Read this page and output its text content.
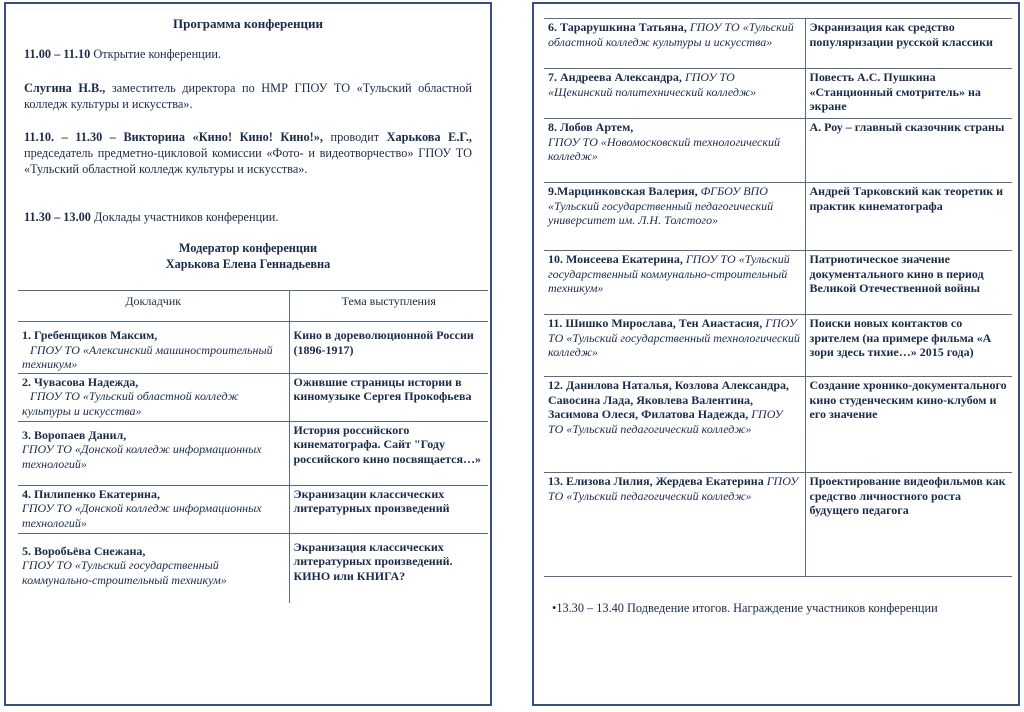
Программа конференции
11.00 – 11.10 Открытие конференции.
Слугина Н.В., заместитель директора по НМР ГПОУ ТО «Тульский областной колледж культуры и искусства».
11.10. – 11.30 – Викторина «Кино! Кино! Кино!», проводит Харькова Е.Г., председатель предметно-цикловой комиссии «Фото- и видеотворчество» ГПОУ ТО «Тульский областной колледж культуры и искусства».
11.30 – 13.00 Доклады участников конференции.
Модератор конференции
Харькова Елена Геннадьевна
Докладчик	Тема выступления
1. Гребенщиков Максим,
ГПОУ ТО «Алексинский машиностроительный техникум»	Кино в дореволюционной России (1896-1917)
2. Чувасова Надежда,
ГПОУ ТО «Тульский областной колледж культуры и искусства»	Ожившие страницы истории в киномузыке Сергея Прокофьева
3. Воропаев Данил,
ГПОУ ТО «Донской колледж информационных технологий»	История российского кинематографа. Сайт "Году российского кино посвящается…»
4. Пилипенко Екатерина,
ГПОУ ТО «Донской колледж информационных технологий»	Экранизации классических литературных произведений
5. Воробьёва Снежана,
ГПОУ ТО «Тульский государственный коммунально-строительный техникум»	Экранизация классических литературных произведений. КИНО или КНИГА?
6. Тарарушкина Татьяна, ГПОУ ТО «Тульский областной колледж культуры и искусства»	Экранизация как средство популяризации русской классики
7. Андреева Александра, ГПОУ ТО «Щекинский политехнический колледж»	Повесть А.С. Пушкина «Станционный смотритель» на экране
8. Лобов Артем,
ГПОУ ТО «Новомосковский технологический колледж»	А. Роу – главный сказочник страны
9.Марцинковская Валерия, ФГБОУ ВПО «Тульский государственный педагогический университет им. Л.Н. Толстого»	Андрей Тарковский как теоретик и практик кинематографа
10. Моисеева Екатерина, ГПОУ ТО «Тульский государственный коммунально-строительный техникум»	Патриотическое значение документального кино в период Великой Отечественной войны
11. Шишко Мирослава, Тен Анастасия, ГПОУ ТО «Тульский государственный технологический колледж»	Поиски новых контактов со зрителем (на примере фильма «А зори здесь тихие…» 2015 года)
12. Данилова Наталья, Козлова Александра, Савосина Лада, Яковлева Валентина, Засимова Олеся, Филатова Надежда, ГПОУ ТО «Тульский педагогический колледж»	Создание хронико-документального кино студенческим кино-клубом и его значение
13. Елизова Лилия, Жердева Екатерина ГПОУ ТО «Тульский педагогический колледж»	Проектирование видеофильмов как средство личностного роста будущего педагога
•13.30 – 13.40 Подведение итогов. Награждение участников конференции
